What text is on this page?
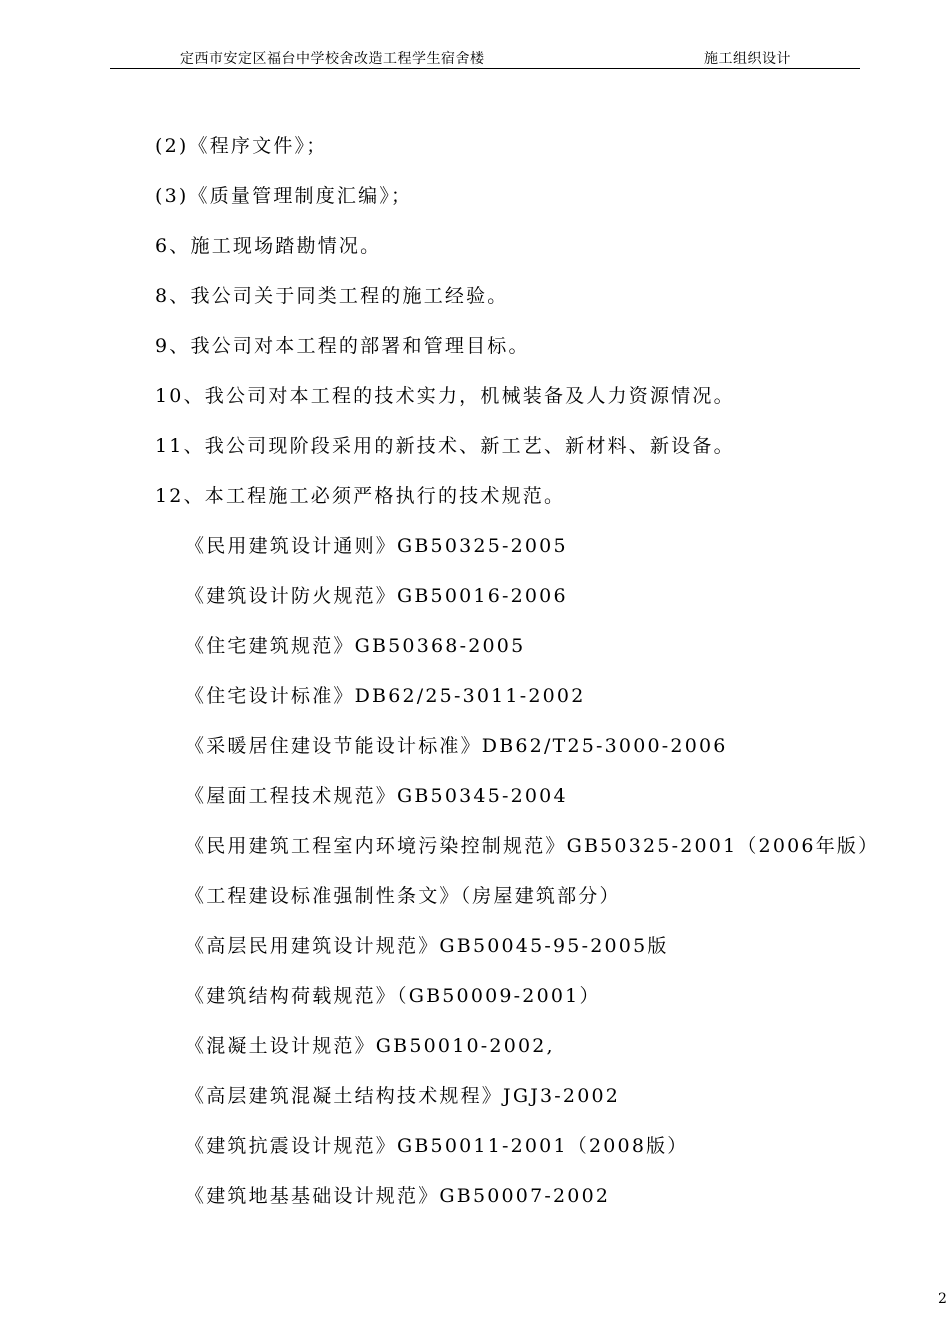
定西市安定区福台中学校舍改造工程学生宿舍楼	施工组织设计
(2)《程序文件》；
(3)《质量管理制度汇编》；
6、施工现场踏勘情况。
8、我公司关于同类工程的施工经验。
9、我公司对本工程的部署和管理目标。
10、我公司对本工程的技术实力，机械装备及人力资源情况。
11、我公司现阶段采用的新技术、新工艺、新材料、新设备。
12、本工程施工必须严格执行的技术规范。
《民用建筑设计通则》GB50325-2005
《建筑设计防火规范》GB50016-2006
《住宅建筑规范》GB50368-2005
《住宅设计标准》DB62/25-3011-2002
《采暖居住建设节能设计标准》DB62/T25-3000-2006
《屋面工程技术规范》GB50345-2004
《民用建筑工程室内环境污染控制规范》GB50325-2001（2006年版）
《工程建设标准强制性条文》（房屋建筑部分）
《高层民用建筑设计规范》GB50045-95-2005版
《建筑结构荷载规范》（GB50009-2001）
《混凝土设计规范》GB50010-2002,
《高层建筑混凝土结构技术规程》JGJ3-2002
《建筑抗震设计规范》GB50011-2001（2008版）
《建筑地基基础设计规范》GB50007-2002
2
